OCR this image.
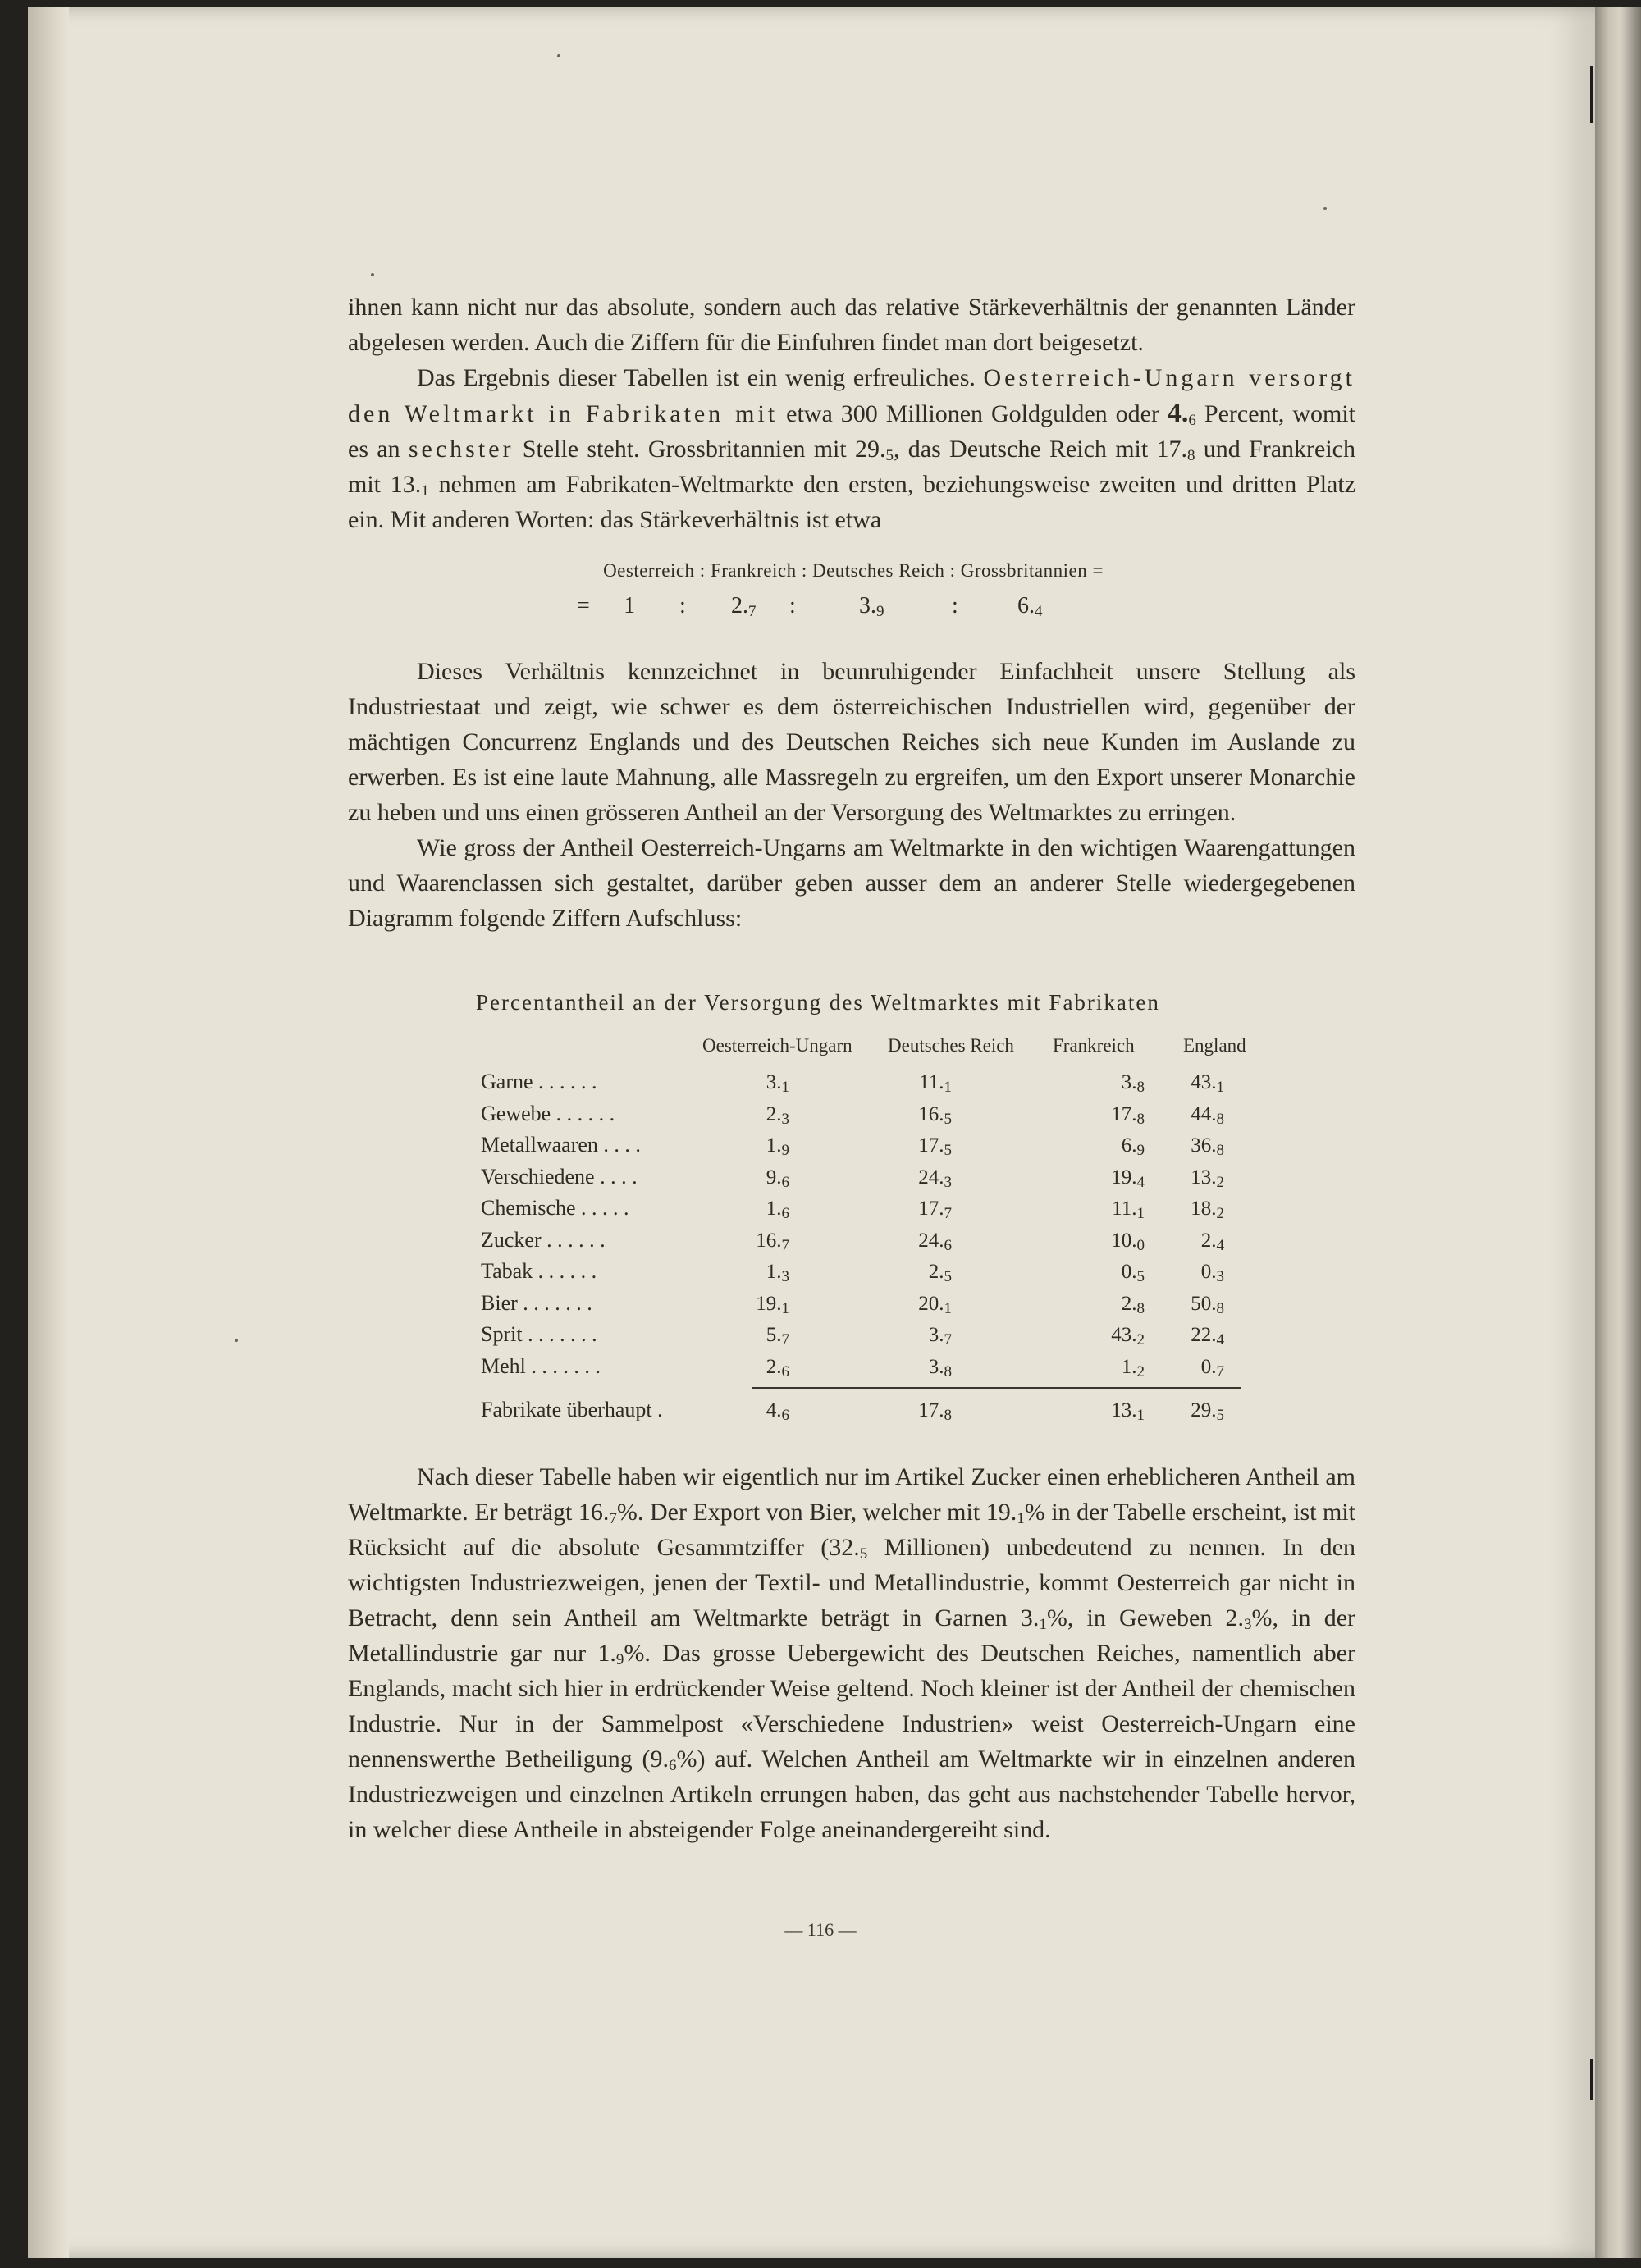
ihnen kann nicht nur das absolute, sondern auch das relative Stärkeverhältnis der genannten Länder abgelesen werden. Auch die Ziffern für die Einfuhren findet man dort beigesetzt.

Das Ergebnis dieser Tabellen ist ein wenig erfreuliches. Oesterreich-Ungarn versorgt den Weltmarkt in Fabrikaten mit etwa 300 Millionen Goldgulden oder $4._6$ Percent, womit es an sechster Stelle steht. Grossbritannien mit $29._5$, das Deutsche Reich mit $17._8$ und Frankreich mit $13._1$ nehmen am Fabrikaten-Weltmarkte den ersten, beziehungsweise zweiten und dritten Platz ein. Mit anderen Worten: das Stärkeverhältnis ist etwa

Oesterreich : Frankreich : Deutsches Reich : Grossbritannien =
= 1 : $2._7$ :	$3._9$	:	$6._4$

Dieses Verhältnis kennzeichnet in beunruhigender Einfachheit unsere Stellung als Industriestaat und zeigt, wie schwer es dem österreichischen Industriellen wird, gegenüber der mächtigen Concurrenz Englands und des Deutschen Reiches sich neue Kunden im Auslande zu erwerben. Es ist eine laute Mahnung, alle Massregeln zu ergreifen, um den Export unserer Monarchie zu heben und uns einen grösseren Antheil an der Versorgung des Weltmarktes zu erringen.

Wie gross der Antheil Oesterreich-Ungarns am Weltmarkte in den wichtigen Waarengattungen und Waarenclassen sich gestaltet, darüber geben ausser dem an anderer Stelle wiedergegebenen Diagramm folgende Ziffern Aufschluss:

Percentantheil an der Versorgung des Weltmarktes mit Fabrikaten
Oesterreich-Ungarn Deutsches Reich Frankreich	England
Garne . . . . . .	3.1	11.1	3.8	43.1
Gewebe . . . . . .	2.3	16.5	17.8	44.8
Metallwaaren . . . .	1.9	17.5	6.9	36.8
Verschiedene . . . .	9.6	24.3	19.4	13.2
Chemische . . . . .	1.6	17.7	11.1	18.2
Zucker . . . . . .	16.7	24.6	10.0	2.4
Tabak . . . . . .	1.3	2.5	0.5	0.3
Bier . . . . . . .	19.1	20.1	2.8	50.8
Sprit . . . . . . .	5.7	3.7	43.2	22.4
Mehl . . . . . . .	2.6	3.8	1.2	0.7
Fabrikate überhaupt .	4.6	17.8	13.1	29.5

Nach dieser Tabelle haben wir eigentlich nur im Artikel Zucker einen erheblicheren Antheil am Weltmarkte. Er beträgt $16._7\%$. Der Export von Bier, welcher mit $19._1\%$ in der Tabelle erscheint, ist mit Rücksicht auf die absolute Gesammtziffer ($32._5$ Millionen) unbedeutend zu nennen. In den wichtigsten Industriezweigen, jenen der Textil- und Metallindustrie, kommt Oesterreich gar nicht in Betracht, denn sein Antheil am Weltmarkte beträgt in Garnen $3._1\%$, in Geweben $2._3\%$, in der Metallindustrie gar nur $1._9\%$. Das grosse Uebergewicht des Deutschen Reiches, namentlich aber Englands, macht sich hier in erdrückender Weise geltend. Noch kleiner ist der Antheil der chemischen Industrie. Nur in der Sammelpost «Verschiedene Industrien» weist Oesterreich-Ungarn eine nennenswerthe Betheiligung $(9._6\%)$ auf. Welchen Antheil am Weltmarkte wir in einzelnen anderen Industriezweigen und einzelnen Artikeln errungen haben, das geht aus nachstehender Tabelle hervor, in welcher diese Antheile in absteigender Folge aneinandergereiht sind.

— 116 —
